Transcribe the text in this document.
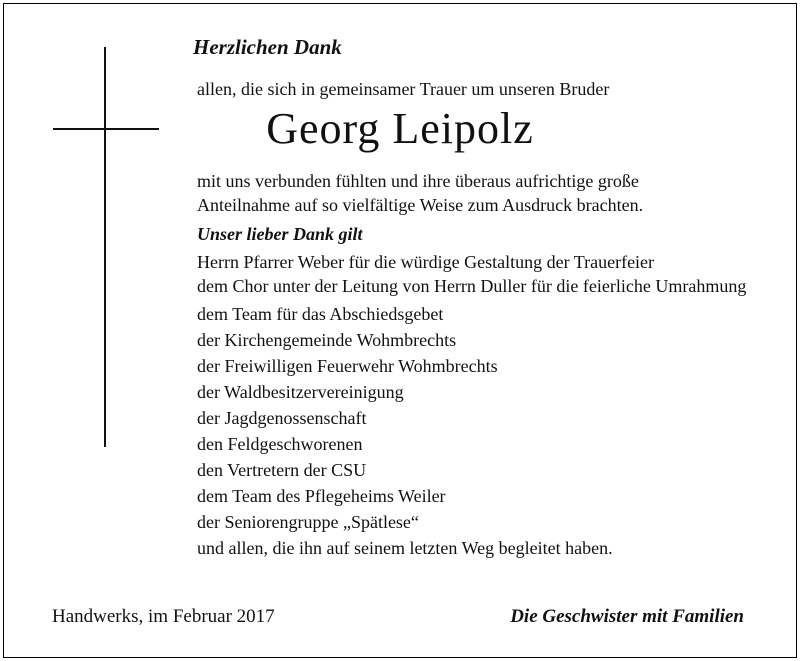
Herzlichen Dank
allen, die sich in gemeinsamer Trauer um unseren Bruder
Georg Leipolz
mit uns verbunden fühlten und ihre überaus aufrichtige große
Anteilnahme auf so vielfältige Weise zum Ausdruck brachten.
Unser lieber Dank gilt
Herrn Pfarrer Weber für die würdige Gestaltung der Trauerfeier
dem Chor unter der Leitung von Herrn Duller für die feierliche Umrahmung
dem Team für das Abschiedsgebet
der Kirchengemeinde Wohmbrechts
der Freiwilligen Feuerwehr Wohmbrechts
der Waldbesitzervereinigung
der Jagdgenossenschaft
den Feldgeschworenen
den Vertretern der CSU
dem Team des Pflegeheims Weiler
der Seniorengruppe „Spätlese“
und allen, die ihn auf seinem letzten Weg begleitet haben.
Handwerks, im Februar 2017	Die Geschwister mit Familien
